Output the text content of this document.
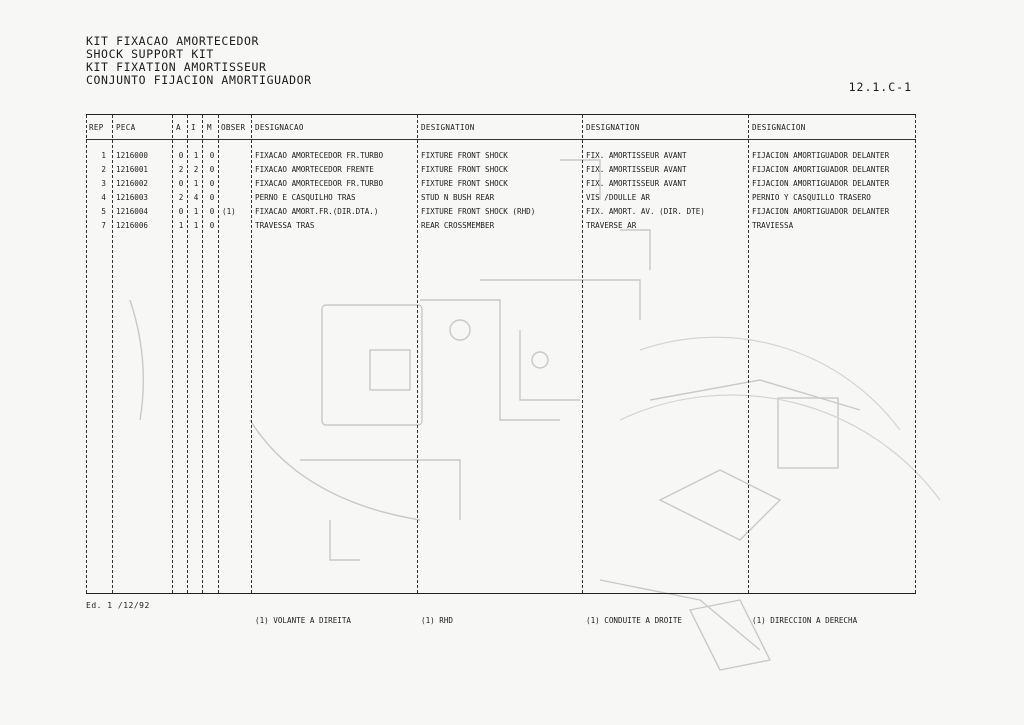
KIT FIXACAO AMORTECEDOR
SHOCK SUPPORT KIT
KIT FIXATION AMORTISSEUR
CONJUNTO FIJACION AMORTIGUADOR	12.1.C-1
REP PECA	A I M OBSER DESIGNACAO	DESIGNATION	DESIGNATION	DESIGNACION
1 1216000	0 1 0	FIXACAO AMORTECEDOR FR.TURBO	FIXTURE FRONT SHOCK	FIX. AMORTISSEUR AVANT	FIJACION AMORTIGUADOR DELANTER
2 1216001	2 2 0	FIXACAO AMORTECEDOR FRENTE	FIXTURE FRONT SHOCK	FIX. AMORTISSEUR AVANT	FIJACION AMORTIGUADOR DELANTER
3 1216002	0 1 0	FIXACAO AMORTECEDOR FR.TURBO	FIXTURE FRONT SHOCK	FIX. AMORTISSEUR AVANT	FIJACION AMORTIGUADOR DELANTER
4 1216003	2 4 0	PERNO E CASQUILHO TRAS	STUD N BUSH REAR	VIS /DOULLE AR	PERNIO Y CASQUILLO TRASERO
5 1216004	0 1 0 (1)	FIXACAO AMORT.FR.(DIR.DTA.)	FIXTURE FRONT SHOCK (RHD)	FIX. AMORT. AV. (DIR. DTE)	FIJACION AMORTIGUADOR DELANTER
7 1216006	1 1 0	TRAVESSA TRAS	REAR CROSSMEMBER	TRAVERSE AR	TRAVIESSA
Ed. 1 /12/92
(1) VOLANTE A DIREITA	(1) RHD	(1) CONDUITE A DROITE	(1) DIRECCION A DERECHA
